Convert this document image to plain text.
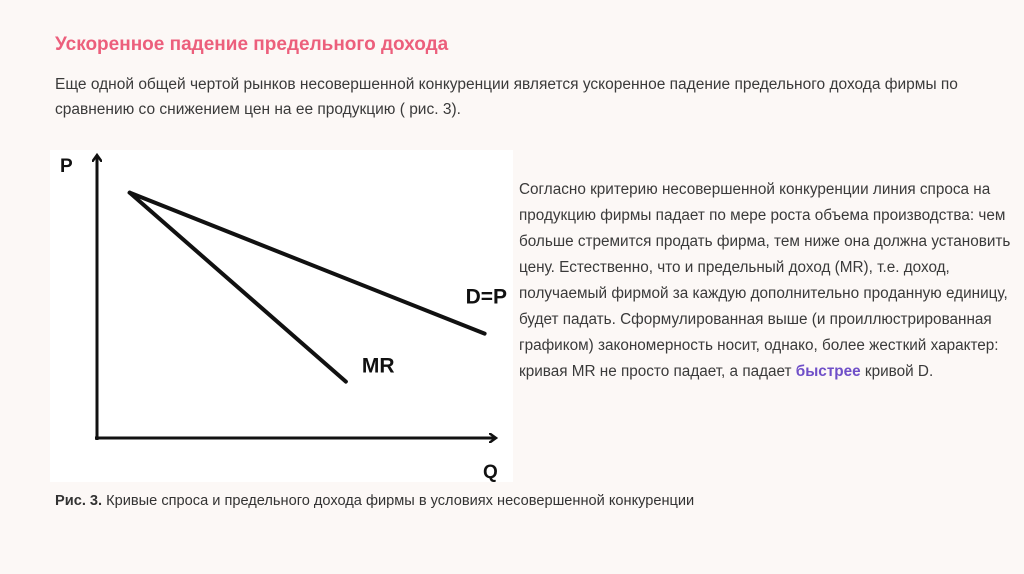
Ускоренное падение предельного дохода

Еще одной общей чертой рынков несовершенной конкуренции является ускоренное падение предельного дохода фирмы по сравнению со снижением цен на ее продукцию ( рис. 3).

P
Q
D=P
MR

Согласно критерию несовершенной конкуренции линия спроса на продукцию фирмы падает по мере роста объема производства: чем больше стремится продать фирма, тем ниже она должна установить цену. Естественно, что и предельный доход (MR), т.е. доход, получаемый фирмой за каждую дополнительно проданную единицу, будет падать. Сформулированная выше (и проиллюстрированная графиком) закономерность носит, однако, более жесткий характер: кривая MR не просто падает, а падает быстрее кривой D.

Рис. 3. Кривые спроса и предельного дохода фирмы в условиях несовершенной конкуренции
